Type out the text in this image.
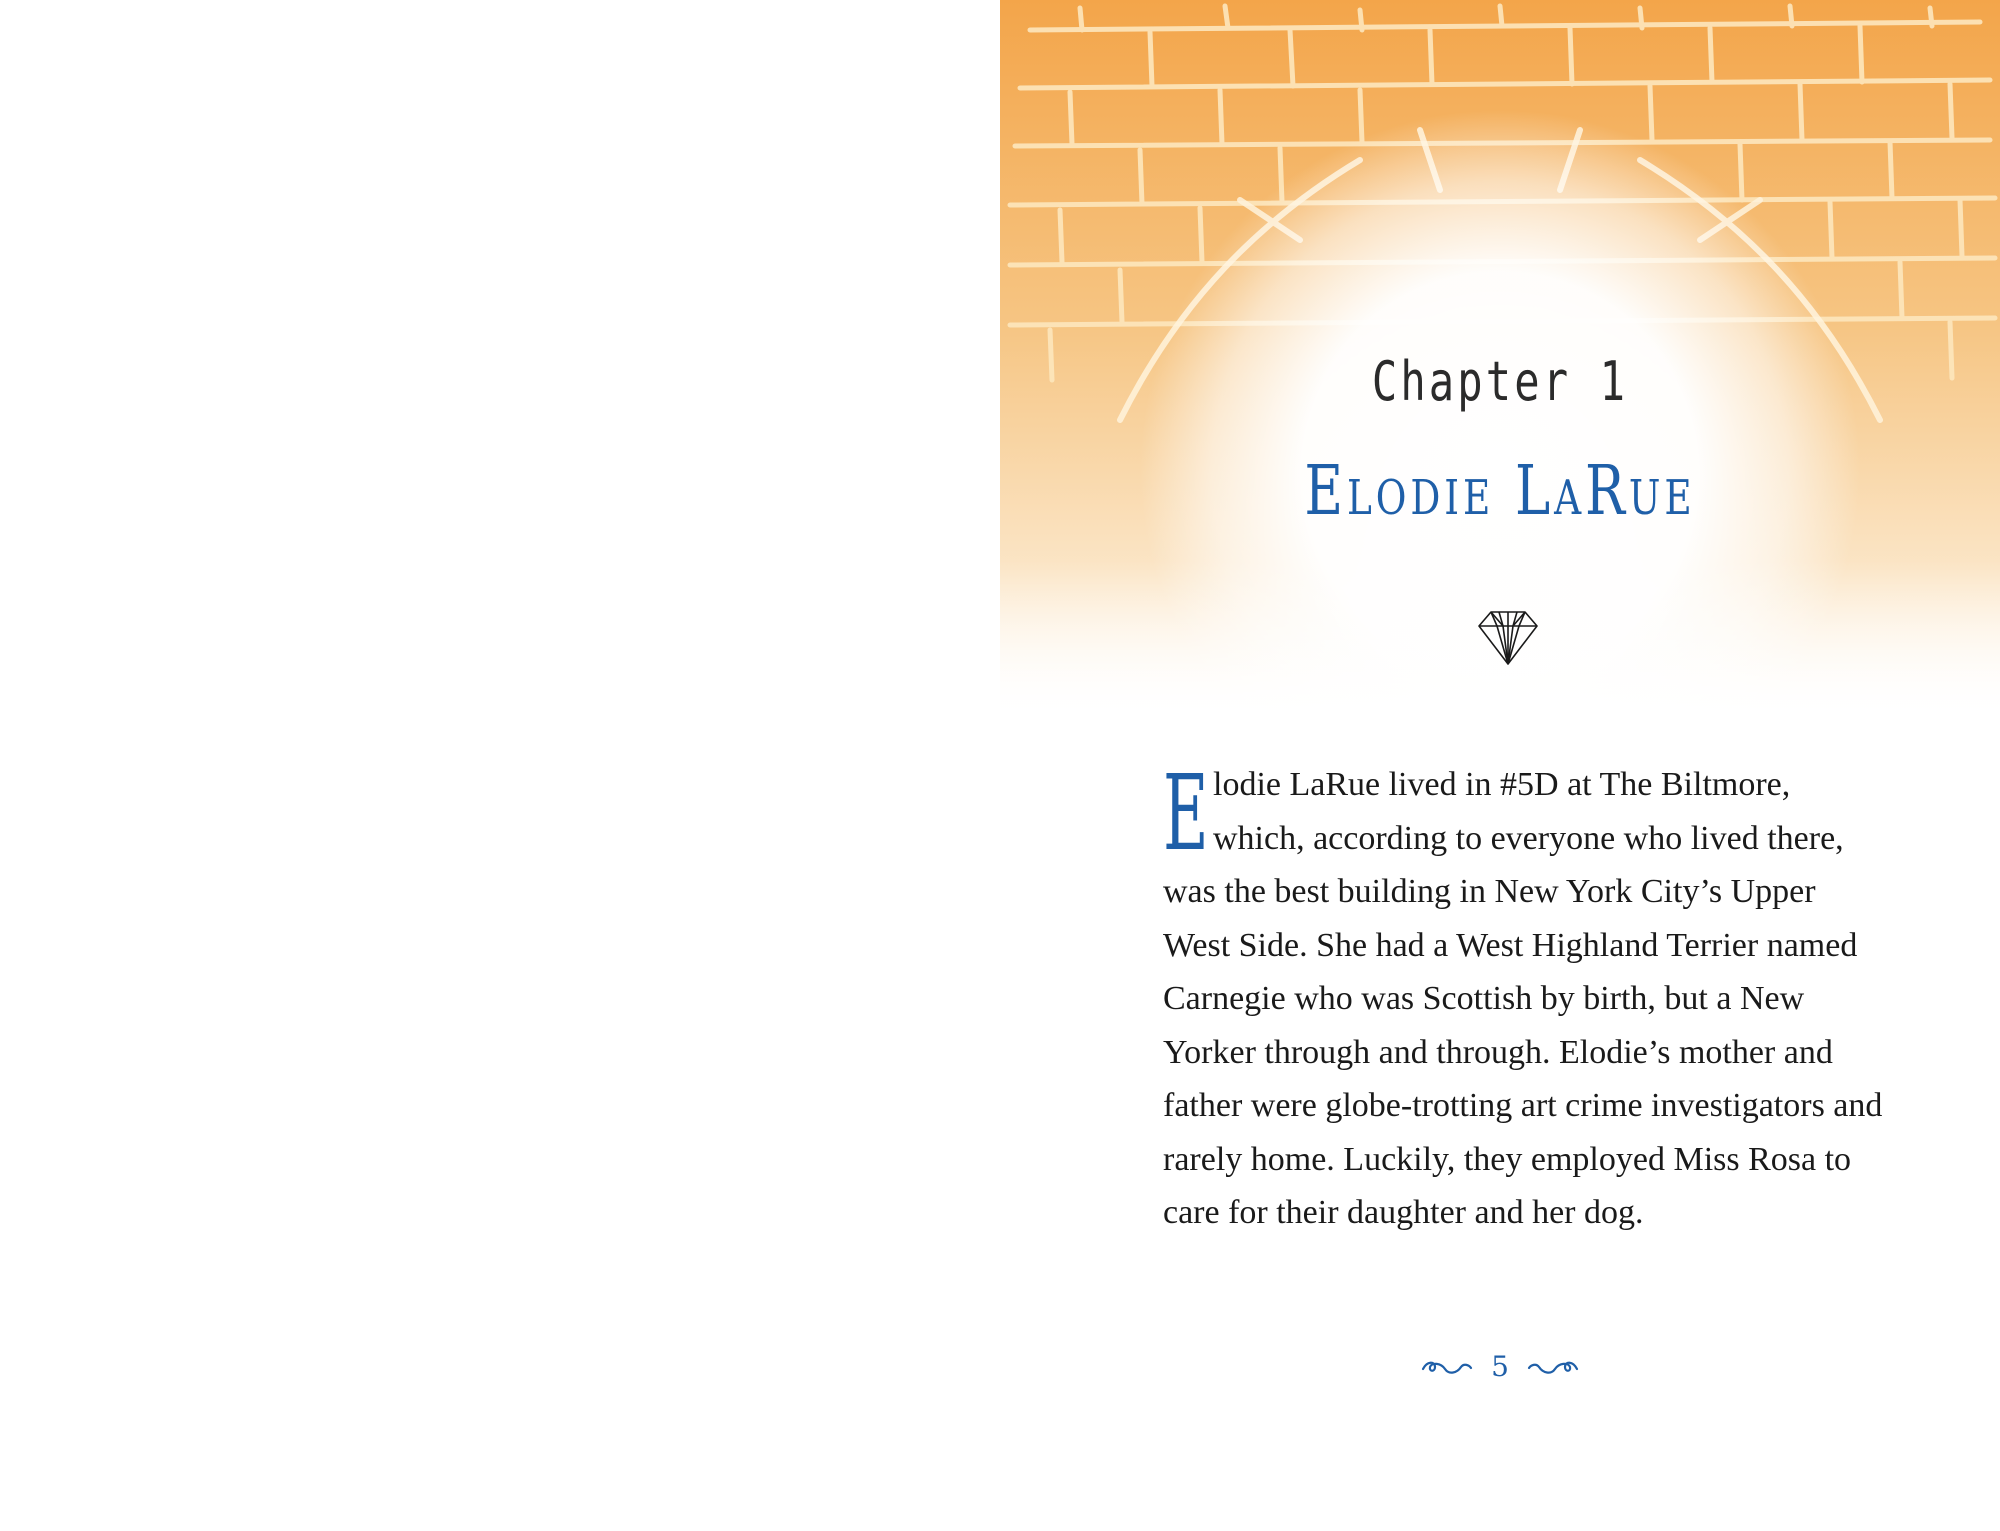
Chapter 1
Elodie LaRue
E lodie LaRue lived in #5D at The Biltmore, which, according to everyone who lived there, was the best building in New York City’s Upper West Side. She had a West Highland Terrier named Carnegie who was Scottish by birth, but a New Yorker through and through. Elodie’s mother and father were globe-trotting art crime investigators and rarely home. Luckily, they employed Miss Rosa to care for their daughter and her dog.
5
